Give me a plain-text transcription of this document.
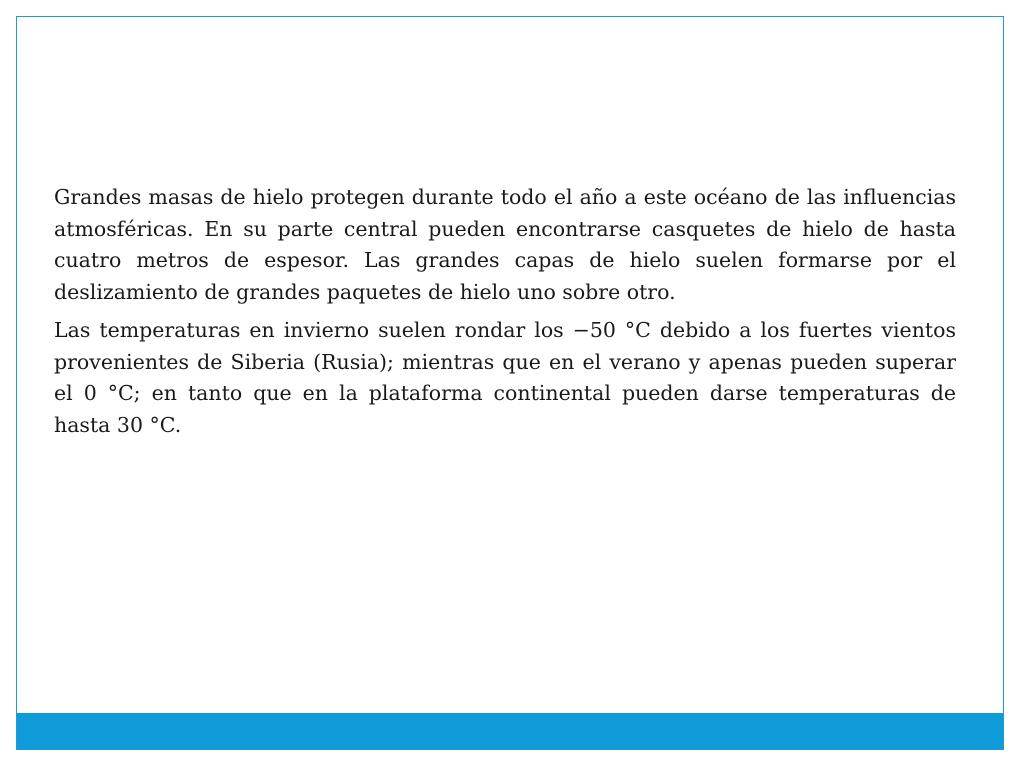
Grandes masas de hielo protegen durante todo el año a este océano de las influencias atmosféricas. En su parte central pueden encontrarse casquetes de hielo de hasta cuatro metros de espesor. Las grandes capas de hielo suelen formarse por el deslizamiento de grandes paquetes de hielo uno sobre otro.

Las temperaturas en invierno suelen rondar los −50 °C debido a los fuertes vientos provenientes de Siberia (Rusia); mientras que en el verano y apenas pueden superar el 0 °C; en tanto que en la plataforma continental pueden darse temperaturas de hasta 30 °C.
